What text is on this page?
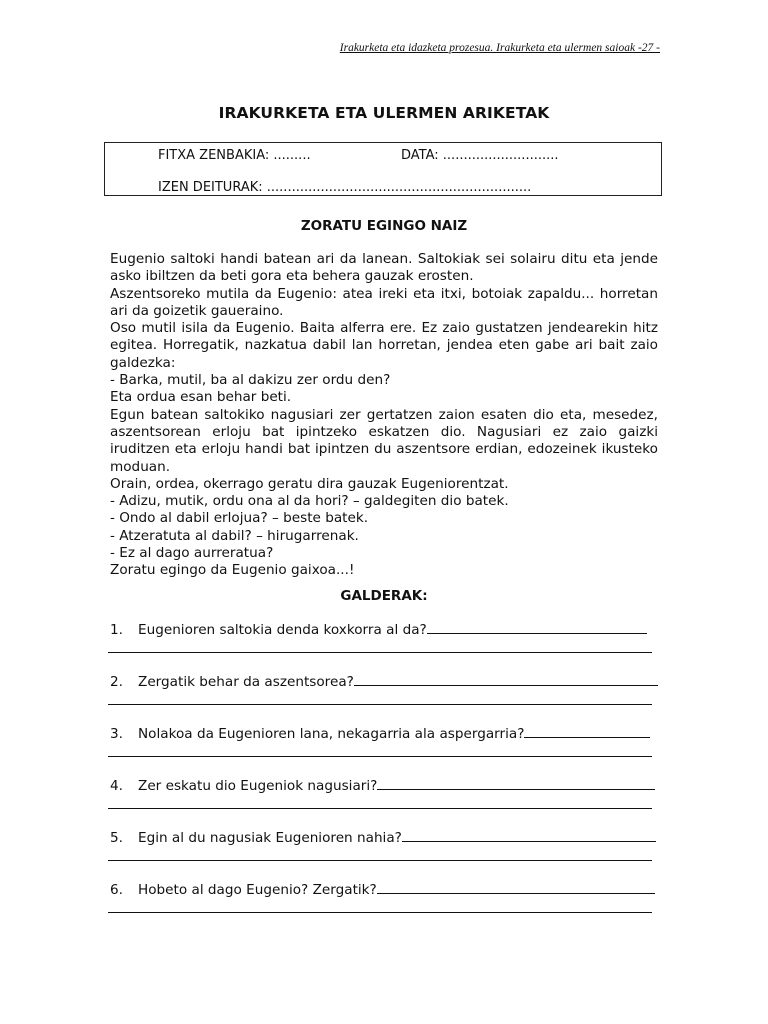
Irakurketa eta idazketa prozesua. Irakurketa eta ulermen saioak -27 -
IRAKURKETA ETA ULERMEN ARIKETAK
FITXA ZENBAKIA: .........	DATA: ............................
IZEN DEITURAK: ................................................................
ZORATU EGINGO NAIZ

Eugenio saltoki handi batean ari da lanean. Saltokiak sei solairu ditu eta jende asko ibiltzen da beti gora eta behera gauzak erosten.

Aszentsoreko mutila da Eugenio: atea ireki eta itxi, botoiak zapaldu... horretan ari da goizetik gaueraino.

Oso mutil isila da Eugenio. Baita alferra ere. Ez zaio gustatzen jendearekin hitz egitea. Horregatik, nazkatua dabil lan horretan, jendea eten gabe ari bait zaio galdezka:

- Barka, mutil, ba al dakizu zer ordu den?

Eta ordua esan behar beti.

Egun batean saltokiko nagusiari zer gertatzen zaion esaten dio eta, mesedez, aszentsorean erloju bat ipintzeko eskatzen dio. Nagusiari ez zaio gaizki iruditzen eta erloju handi bat ipintzen du aszentsore erdian, edozeinek ikusteko moduan.

Orain, ordea, okerrago geratu dira gauzak Eugeniorentzat.

- Adizu, mutik, ordu ona al da hori? – galdegiten dio batek.

- Ondo al dabil erlojua? – beste batek.

- Atzeratuta al dabil? – hirugarrenak.

- Ez al dago aurreratua?

Zoratu egingo da Eugenio gaixoa...!

GALDERAK:
1.	Eugenioren saltokia denda koxkorra al da?
2.	Zergatik behar da aszentsorea?
3.	Nolakoa da Eugenioren lana, nekagarria ala aspergarria?
4.	Zer eskatu dio Eugeniok nagusiari?
5.	Egin al du nagusiak Eugenioren nahia?
6.	Hobeto al dago Eugenio? Zergatik?
